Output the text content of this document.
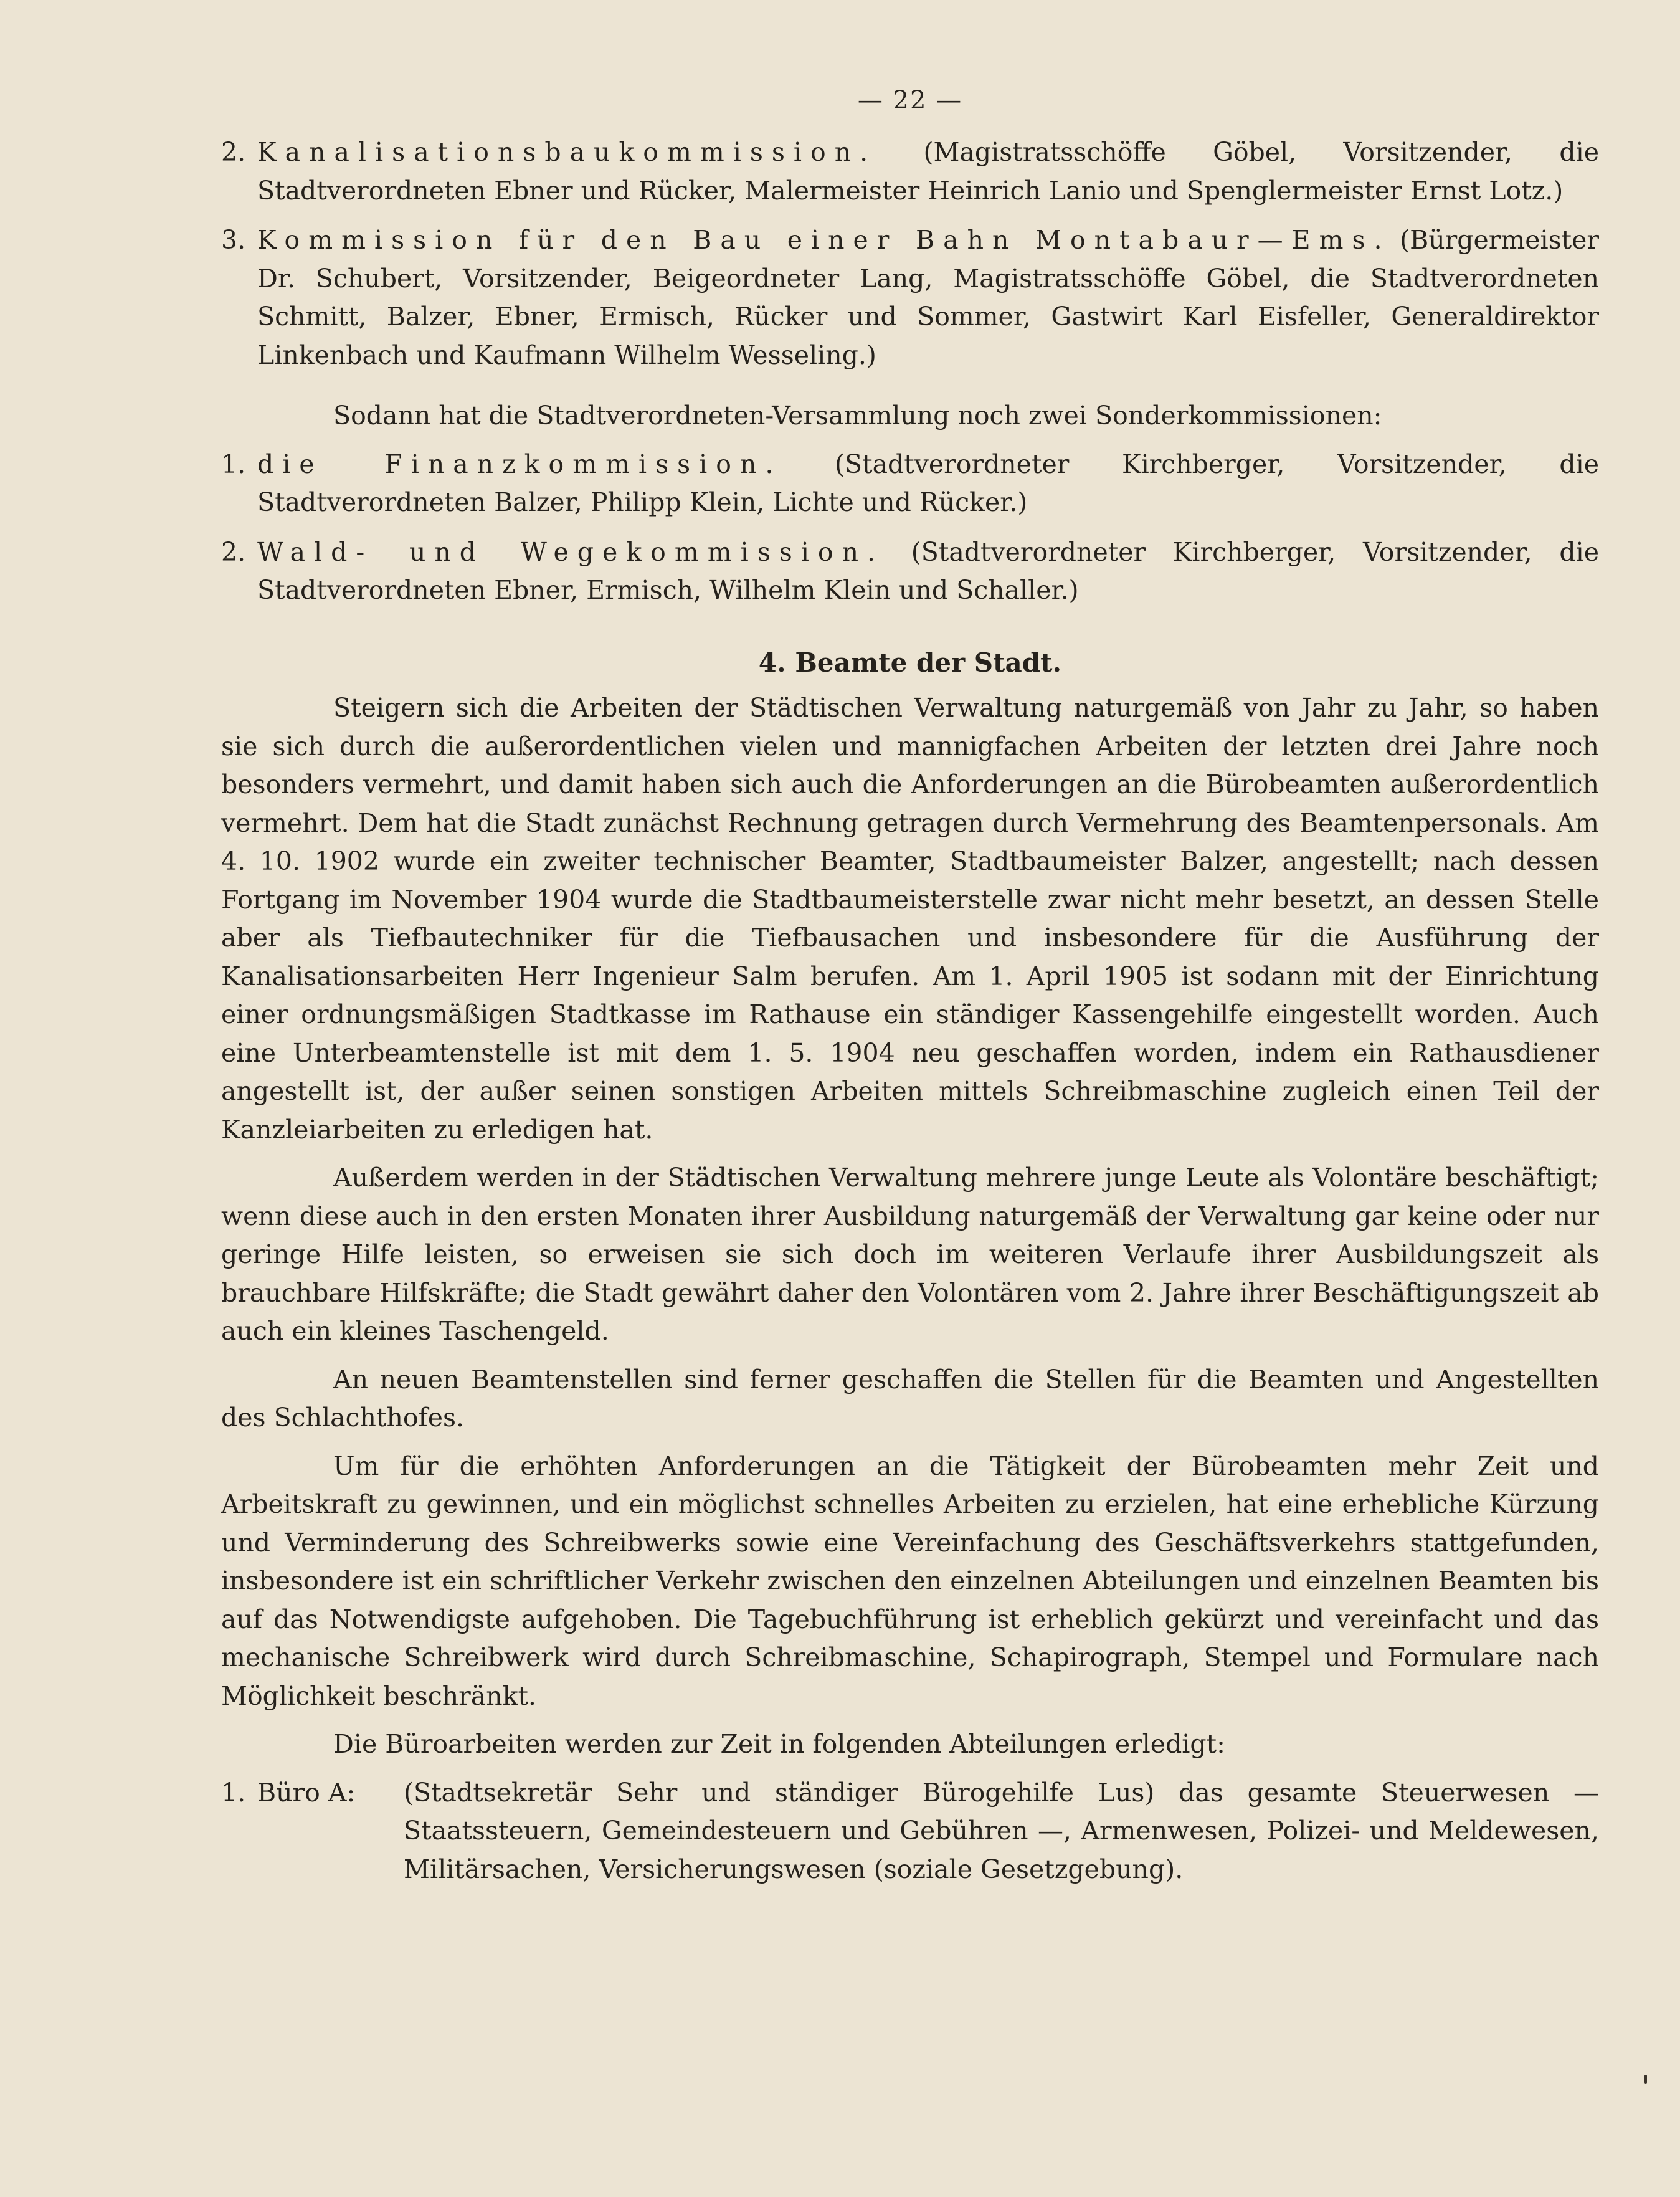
— 22 —
2. Kanalisationsbaukommission. (Magistratsschöffe Göbel, Vorsitzender, die Stadtverordneten Ebner und Rücker, Malermeister Heinrich Lanio und Spenglermeister Ernst Lotz.)

3. Kommission für den Bau einer Bahn Montabaur—Ems. (Bürgermeister Dr. Schubert, Vorsitzender, Beigeordneter Lang, Magistratsschöffe Göbel, die Stadtverordneten Schmitt, Balzer, Ebner, Ermisch, Rücker und Sommer, Gastwirt Karl Eisfeller, Generaldirektor Linkenbach und Kaufmann Wilhelm Wesseling.)

Sodann hat die Stadtverordneten-Versammlung noch zwei Sonderkommissionen:

1. die Finanzkommission. (Stadtverordneter Kirchberger, Vorsitzender, die Stadtverordneten Balzer, Philipp Klein, Lichte und Rücker.)

2. Wald- und Wegekommission. (Stadtverordneter Kirchberger, Vorsitzender, die Stadtverordneten Ebner, Ermisch, Wilhelm Klein und Schaller.)

4. Beamte der Stadt.

Steigern sich die Arbeiten der Städtischen Verwaltung naturgemäß von Jahr zu Jahr, so haben sie sich durch die außerordentlichen vielen und mannigfachen Arbeiten der letzten drei Jahre noch besonders vermehrt, und damit haben sich auch die Anforderungen an die Bürobeamten außerordentlich vermehrt. Dem hat die Stadt zunächst Rechnung getragen durch Vermehrung des Beamtenpersonals. Am 4. 10. 1902 wurde ein zweiter technischer Beamter, Stadtbaumeister Balzer, angestellt; nach dessen Fortgang im November 1904 wurde die Stadtbaumeisterstelle zwar nicht mehr besetzt, an dessen Stelle aber als Tiefbautechniker für die Tiefbausachen und insbesondere für die Ausführung der Kanalisationsarbeiten Herr Ingenieur Salm berufen. Am 1. April 1905 ist sodann mit der Einrichtung einer ordnungsmäßigen Stadtkasse im Rathause ein ständiger Kassengehilfe eingestellt worden. Auch eine Unterbeamtenstelle ist mit dem 1. 5. 1904 neu geschaffen worden, indem ein Rathausdiener angestellt ist, der außer seinen sonstigen Arbeiten mittels Schreibmaschine zugleich einen Teil der Kanzleiarbeiten zu erledigen hat.

Außerdem werden in der Städtischen Verwaltung mehrere junge Leute als Volontäre beschäftigt; wenn diese auch in den ersten Monaten ihrer Ausbildung naturgemäß der Verwaltung gar keine oder nur geringe Hilfe leisten, so erweisen sie sich doch im weiteren Verlaufe ihrer Ausbildungszeit als brauchbare Hilfskräfte; die Stadt gewährt daher den Volontären vom 2. Jahre ihrer Beschäftigungszeit ab auch ein kleines Taschengeld.

An neuen Beamtenstellen sind ferner geschaffen die Stellen für die Beamten und Angestellten des Schlachthofes.

Um für die erhöhten Anforderungen an die Tätigkeit der Bürobeamten mehr Zeit und Arbeitskraft zu gewinnen, und ein möglichst schnelles Arbeiten zu erzielen, hat eine erhebliche Kürzung und Verminderung des Schreibwerks sowie eine Vereinfachung des Geschäftsverkehrs stattgefunden, insbesondere ist ein schriftlicher Verkehr zwischen den einzelnen Abteilungen und einzelnen Beamten bis auf das Notwendigste aufgehoben. Die Tagebuchführung ist erheblich gekürzt und vereinfacht und das mechanische Schreibwerk wird durch Schreibmaschine, Schapirograph, Stempel und Formulare nach Möglichkeit beschränkt.

Die Büroarbeiten werden zur Zeit in folgenden Abteilungen erledigt:

1. Büro A:	(Stadtsekretär Sehr und ständiger Bürogehilfe Lus) das gesamte Steuerwesen — Staatssteuern, Gemeindesteuern und Gebühren —, Armenwesen, Polizei- und Meldewesen, Militärsachen, Versicherungswesen (soziale Gesetzgebung).
